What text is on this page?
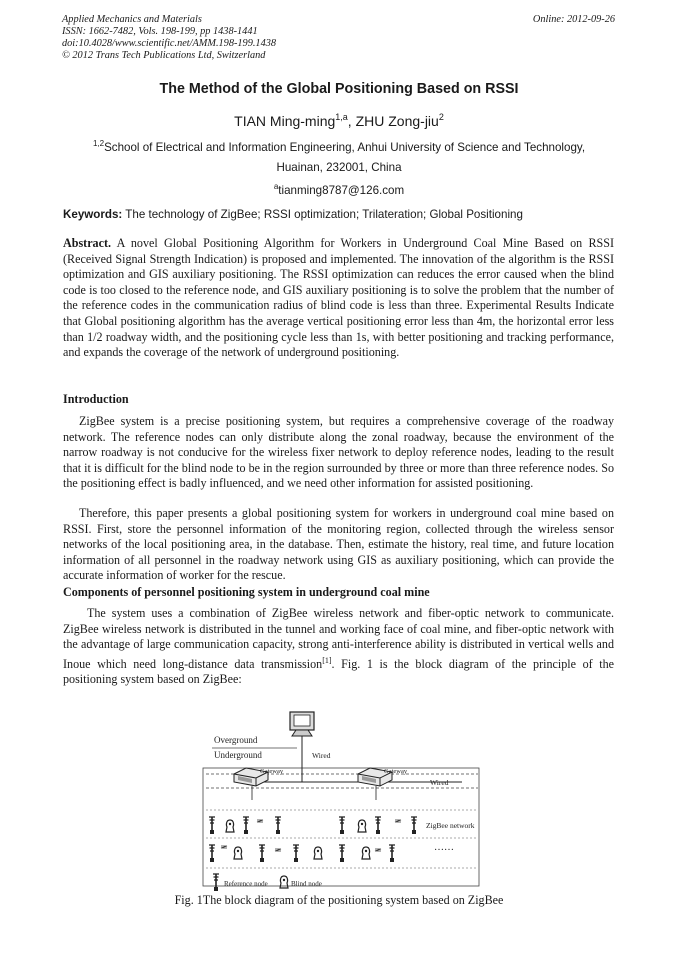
Applied Mechanics and Materials
ISSN: 1662-7482, Vols. 198-199, pp 1438-1441
doi:10.4028/www.scientific.net/AMM.198-199.1438
© 2012 Trans Tech Publications Ltd, Switzerland
Online: 2012-09-26
The Method of the Global Positioning Based on RSSI
TIAN Ming-ming$^{1,a}$, ZHU Zong-jiu$^2$
$^{1,2}$School of Electrical and Information Engineering, Anhui University of Science and Technology,
Huainan, 232001, China
$^a$tianming8787@126.com
Keywords: The technology of ZigBee; RSSI optimization; Trilateration; Global Positioning
Abstract. A novel Global Positioning Algorithm for Workers in Underground Coal Mine Based on RSSI (Received Signal Strength Indication) is proposed and implemented. The innovation of the algorithm is the RSSI optimization and GIS auxiliary positioning. The RSSI optimization can reduces the error caused when the blind code is too closed to the reference node, and GIS auxiliary positioning is to solve the problem that the number of the reference codes in the communication radius of blind code is less than three. Experimental Results Indicate that Global positioning algorithm has the average vertical positioning error less than 4m, the horizontal error less than 1/2 roadway width, and the positioning cycle less than 1s, with better positioning and tracking performance, and expands the coverage of the network of underground positioning.
Introduction
ZigBee system is a precise positioning system, but requires a comprehensive coverage of the roadway network. The reference nodes can only distribute along the zonal roadway, because the environment of the narrow roadway is not conducive for the wireless fixer network to deploy reference nodes, leading to the result that it is difficult for the blind node to be in the region surrounded by three or more than three reference nodes. So the positioning effect is badly influenced, and we need other information for assisted positioning.
Therefore, this paper presents a global positioning system for workers in underground coal mine based on RSSI. First, store the personnel information of the monitoring region, collected through the wireless sensor networks of the local positioning area, in the database. Then, estimate the history, real time, and future location information of all personnel in the roadway network using GIS as auxiliary positioning, which can provide the accurate information of worker for the rescue.
Components of personnel positioning system in underground coal mine
The system uses a combination of ZigBee wireless network and fiber-optic network to communicate. ZigBee wireless network is distributed in the tunnel and working face of coal mine, and fiber-optic network with the advantage of large communication capacity, strong anti-interference ability is distributed in vertical wells and Inoue which need long-distance data transmission[1]. Fig. 1 is the block diagram of the principle of the positioning system based on ZigBee:
Overground
Underground	Wired
Wired
Gateway	Gateway
ZigBee network
……
Reference node	Blind node
Fig. 1The block diagram of the positioning system based on ZigBee
